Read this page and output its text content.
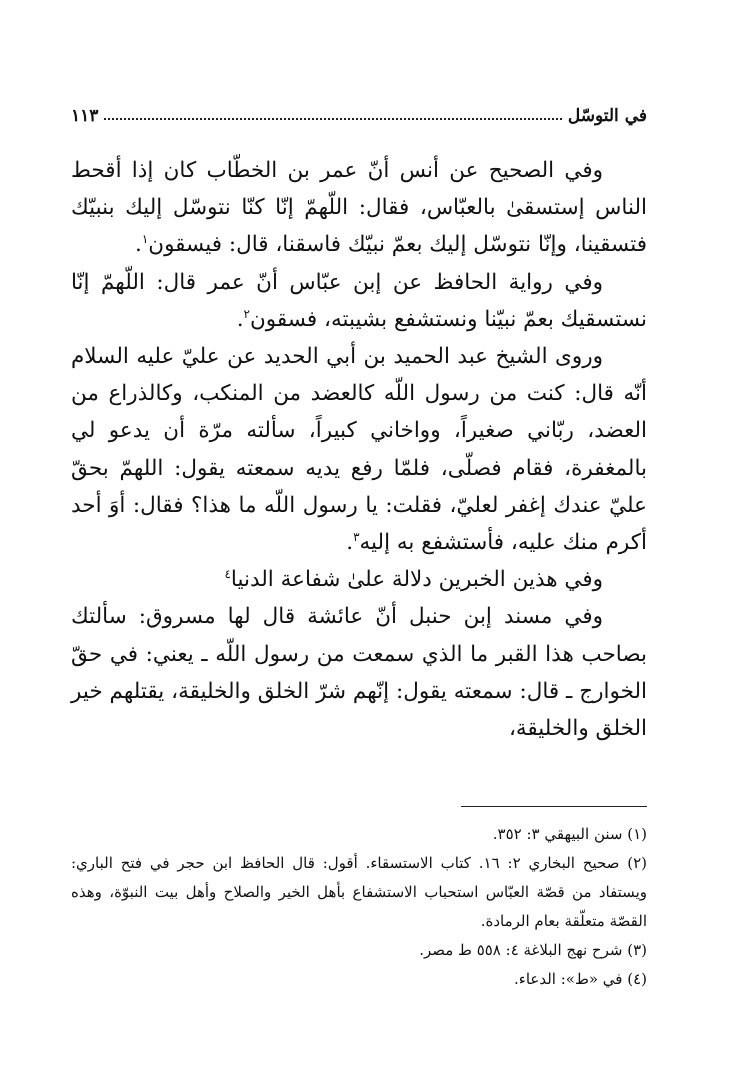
في التوسّل
١١٣

وفي الصحيح عن أنس أنّ عمر بن الخطّاب كان إذا أقحط الناس إستسقىٰ بالعبّاس، فقال: اللّهمّ إنّا كنّا نتوسّل إليك بنبيّك فتسقينا، وإنّا نتوسّل إليك بعمّ نبيّك فاسقنا، قال: فيسقون$^١$.

وفي رواية الحافظ عن إبن عبّاس أنّ عمر قال: اللّهمّ إنّا نستسقيك بعمّ نبيّنا ونستشفع بشيبته، فسقون$^٢$.

وروى الشيخ عبد الحميد بن أبي الحديد عن عليّ عليه السلام أنّه قال: كنت من رسول اللّه كالعضد من المنكب، وكالذراع من العضد، ربّاني صغيراً، وواخاني كبيراً، سألته مرّة أن يدعو لي بالمغفرة، فقام فصلّى، فلمّا رفع يديه سمعته يقول: اللهمّ بحقّ عليّ عندك إغفر لعليّ، فقلت: يا رسول اللّه ما هذا؟ فقال: أوَ أحد أكرم منك عليه، فأستشفع به إليه$^٣$.

وفي هذين الخبرين دلالة علىٰ شفاعة الدنيا$^٤$

وفي مسند إبن حنبل أنّ عائشة قال لها مسروق: سألتك بصاحب هذا القبر ما الذي سمعت من رسول اللّه ـ يعني: في حقّ الخوارج ـ قال: سمعته يقول: إنّهم شرّ الخلق والخليقة، يقتلهم خير الخلق والخليقة،

(١) سنن البيهقي ٣: ٣٥٢.

(٢) صحيح البخاري ٢: ١٦. كتاب الاستسقاء. أقول: قال الحافظ ابن حجر في فتح الباري: ويستفاد من قصّة العبّاس استحباب الاستشفاع بأهل الخير والصلاح وأهل بيت النبوّة، وهذه القصّة متعلّقة بعام الرمادة.

(٣) شرح نهج البلاغة ٤: ٥٥٨ ط مصر.

(٤) في «ط»: الدعاء.
